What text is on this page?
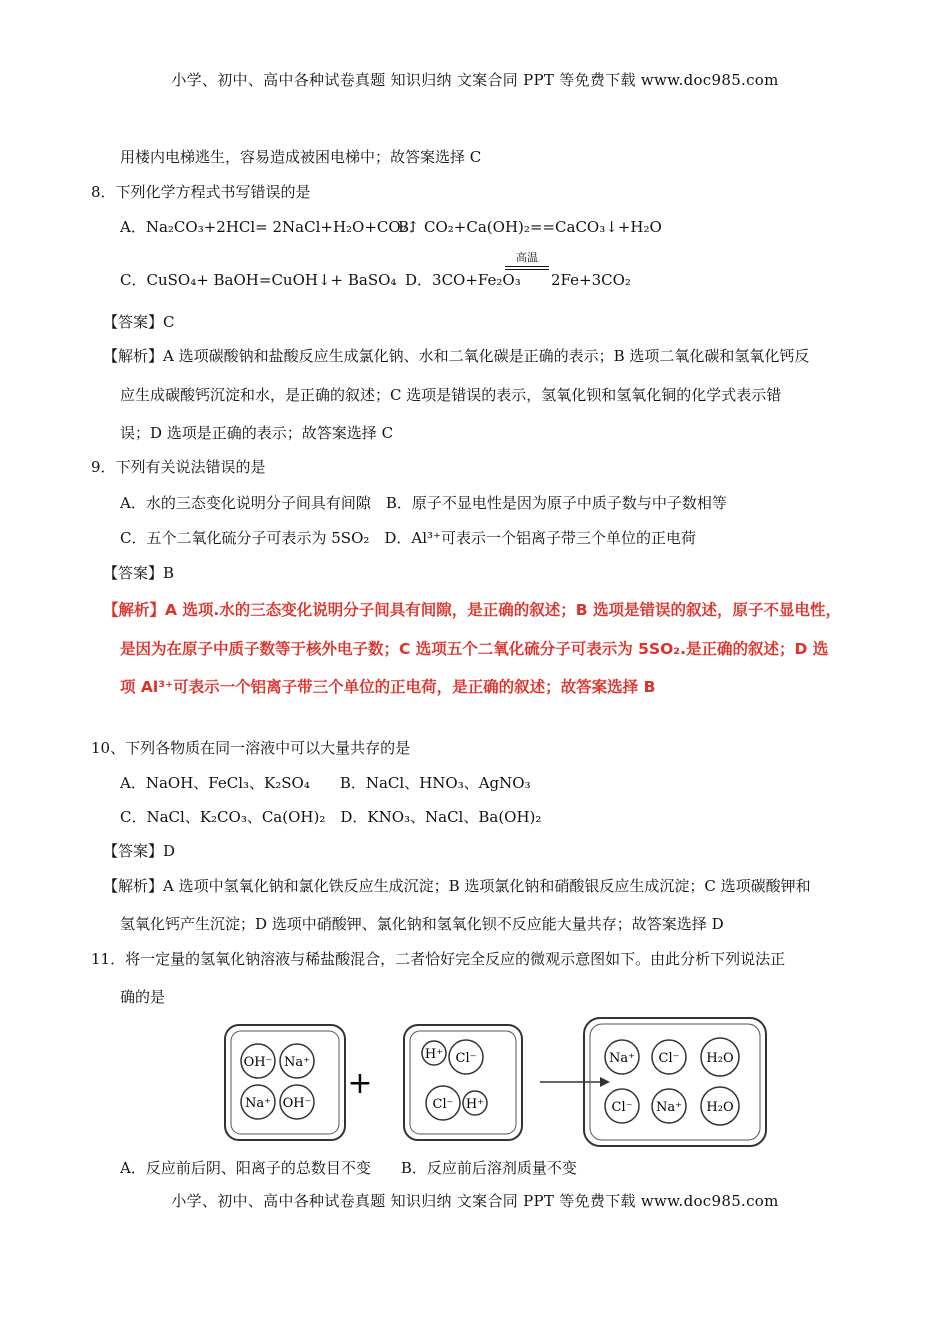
小学、初中、高中各种试卷真题 知识归纳 文案合同 PPT 等免费下载 www.doc985.com
用楼内电梯逃生，容易造成被困电梯中；故答案选择 C
8．下列化学方程式书写错误的是
A．Na₂CO₃+2HCl= 2NaCl+H₂O+CO₂↑
B．CO₂+Ca(OH)₂==CaCO₃↓+H₂O
C．CuSO₄+ BaOH=CuOH↓+ BaSO₄ D．3CO+Fe₂O₃
高温
2Fe+3CO₂
【答案】C
【解析】A 选项碳酸钠和盐酸反应生成氯化钠、水和二氧化碳是正确的表示；B 选项二氧化碳和氢氧化钙反
应生成碳酸钙沉淀和水，是正确的叙述；C 选项是错误的表示，氢氧化钡和氢氧化铜的化学式表示错
误；D 选项是正确的表示；故答案选择 C
9．下列有关说法错误的是
A．水的三态变化说明分子间具有间隙　B．原子不显电性是因为原子中质子数与中子数相等
C．五个二氧化硫分子可表示为 5SO₂　D．Al³⁺可表示一个铝离子带三个单位的正电荷
【答案】B
【解析】A 选项.水的三态变化说明分子间具有间隙，是正确的叙述；B 选项是错误的叙述，原子不显电性，
是因为在原子中质子数等于核外电子数；C 选项五个二氧化硫分子可表示为 5SO₂.是正确的叙述；D 选
项 Al³⁺可表示一个铝离子带三个单位的正电荷，是正确的叙述；故答案选择 B
10、下列各物质在同一溶液中可以大量共存的是
A．NaOH、FeCl₃、K₂SO₄　　B．NaCl、HNO₃、AgNO₃
C．NaCl、K₂CO₃、Ca(OH)₂　D．KNO₃、NaCl、Ba(OH)₂
【答案】D
【解析】A 选项中氢氧化钠和氯化铁反应生成沉淀；B 选项氯化钠和硝酸银反应生成沉淀；C 选项碳酸钾和
氢氧化钙产生沉淀；D 选项中硝酸钾、氯化钠和氢氧化钡不反应能大量共存；故答案选择 D
11．将一定量的氢氧化钠溶液与稀盐酸混合，二者恰好完全反应的微观示意图如下。由此分析下列说法正
确的是
OH⁻ Na⁺
Na⁺ OH⁻
+
H⁺ Cl⁻
Cl⁻ H⁺
Na⁺ Cl⁻ H₂O
Cl⁻ Na⁺ H₂O
A．反应前后阴、阳离子的总数目不变　　B．反应前后溶剂质量不变
小学、初中、高中各种试卷真题 知识归纳 文案合同 PPT 等免费下载 www.doc985.com
